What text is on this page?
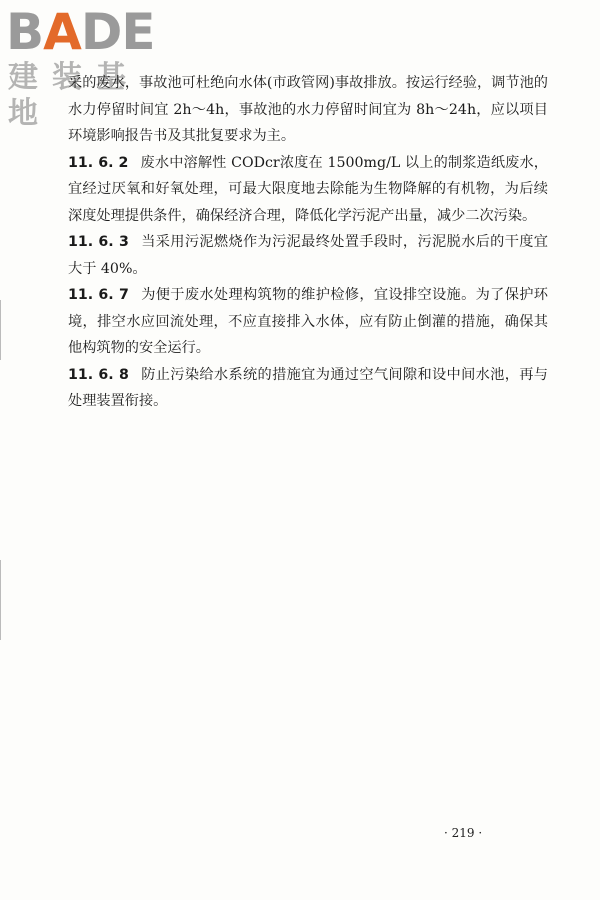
BADE
建装基地

采的废水，事故池可杜绝向水体(市政管网)事故排放。按运行经验，调节池的水力停留时间宜 2h～4h，事故池的水力停留时间宜为 8h～24h，应以项目环境影响报告书及其批复要求为主。

11. 6. 2 废水中溶解性 CODcr浓度在 1500mg/L 以上的制浆造纸废水，宜经过厌氧和好氧处理，可最大限度地去除能为生物降解的有机物，为后续深度处理提供条件，确保经济合理，降低化学污泥产出量，减少二次污染。

11. 6. 3 当采用污泥燃烧作为污泥最终处置手段时，污泥脱水后的干度宜大于 40%。

11. 6. 7 为便于废水处理构筑物的维护检修，宜设排空设施。为了保护环境，排空水应回流处理，不应直接排入水体，应有防止倒灌的措施，确保其他构筑物的安全运行。

11. 6. 8 防止污染给水系统的措施宜为通过空气间隙和设中间水池，再与处理装置衔接。

· 219 ·
